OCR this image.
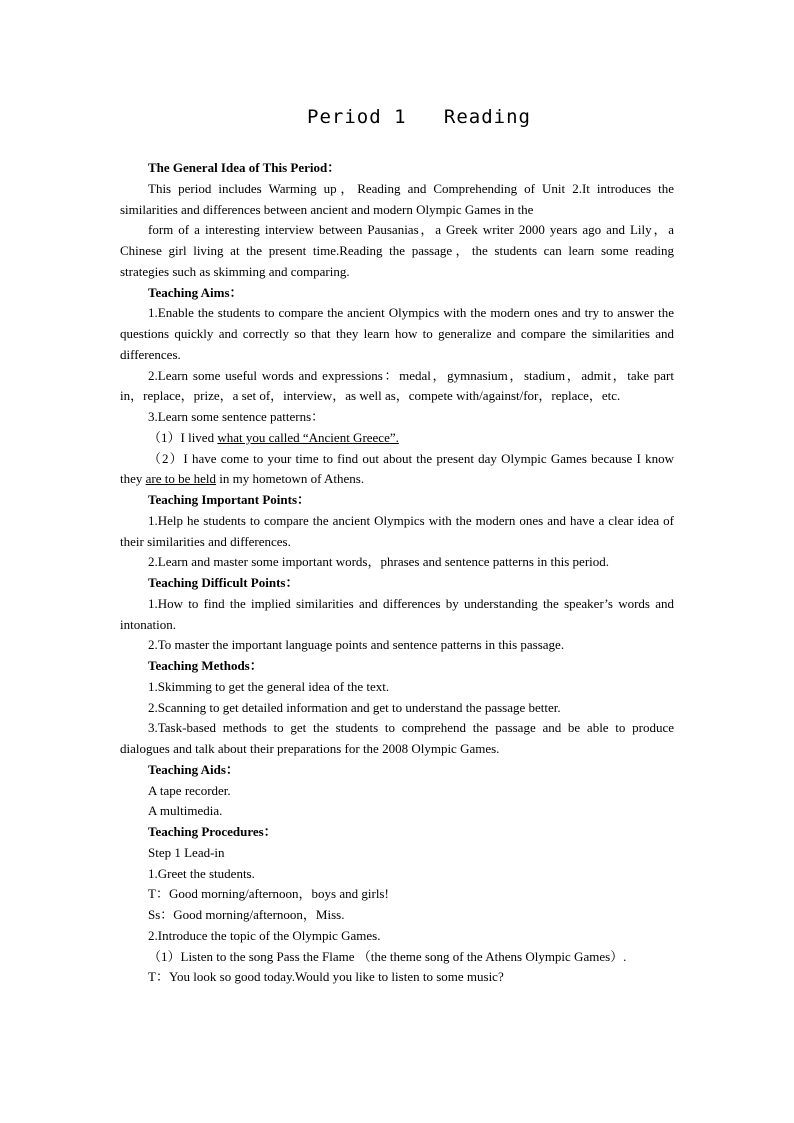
Period 1   Reading

The General Idea of This Period：

This period includes Warming up，Reading and Comprehending of Unit 2.It introduces the similarities and differences between ancient and modern Olympic Games in the

form of a interesting interview between Pausanias，a Greek writer 2000 years ago and Lily，a Chinese girl living at the present time.Reading the passage，the students can learn some reading strategies such as skimming and comparing.

Teaching Aims：

1.Enable the students to compare the ancient Olympics with the modern ones and try to answer the questions quickly and correctly so that they learn how to generalize and compare the similarities and differences.

2.Learn some useful words and expressions：medal，gymnasium，stadium，admit，take part in，replace，prize，a set of，interview，as well as，compete with/against/for，replace，etc.

3.Learn some sentence patterns：

（1）I lived what you called “Ancient Greece”.

（2）I have come to your time to find out about the present day Olympic Games because I know they are to be held in my hometown of Athens.

Teaching Important Points：

1.Help he students to compare the ancient Olympics with the modern ones and have a clear idea of their similarities and differences.

2.Learn and master some important words，phrases and sentence patterns in this period.

Teaching Difficult Points：

1.How to find the implied similarities and differences by understanding the speaker’s words and intonation.

2.To master the important language points and sentence patterns in this passage.

Teaching Methods：

1.Skimming to get the general idea of the text.

2.Scanning to get detailed information and get to understand the passage better.

3.Task-based methods to get the students to comprehend the passage and be able to produce dialogues and talk about their preparations for the 2008 Olympic Games.

Teaching Aids：

A tape recorder.

A multimedia.

Teaching Procedures：

Step 1 Lead-in

1.Greet the students.

T：Good morning/afternoon，boys and girls!

Ss：Good morning/afternoon，Miss.

2.Introduce the topic of the Olympic Games.

（1）Listen to the song Pass the Flame （the theme song of the Athens Olympic Games）.

T：You look so good today.Would you like to listen to some music?
